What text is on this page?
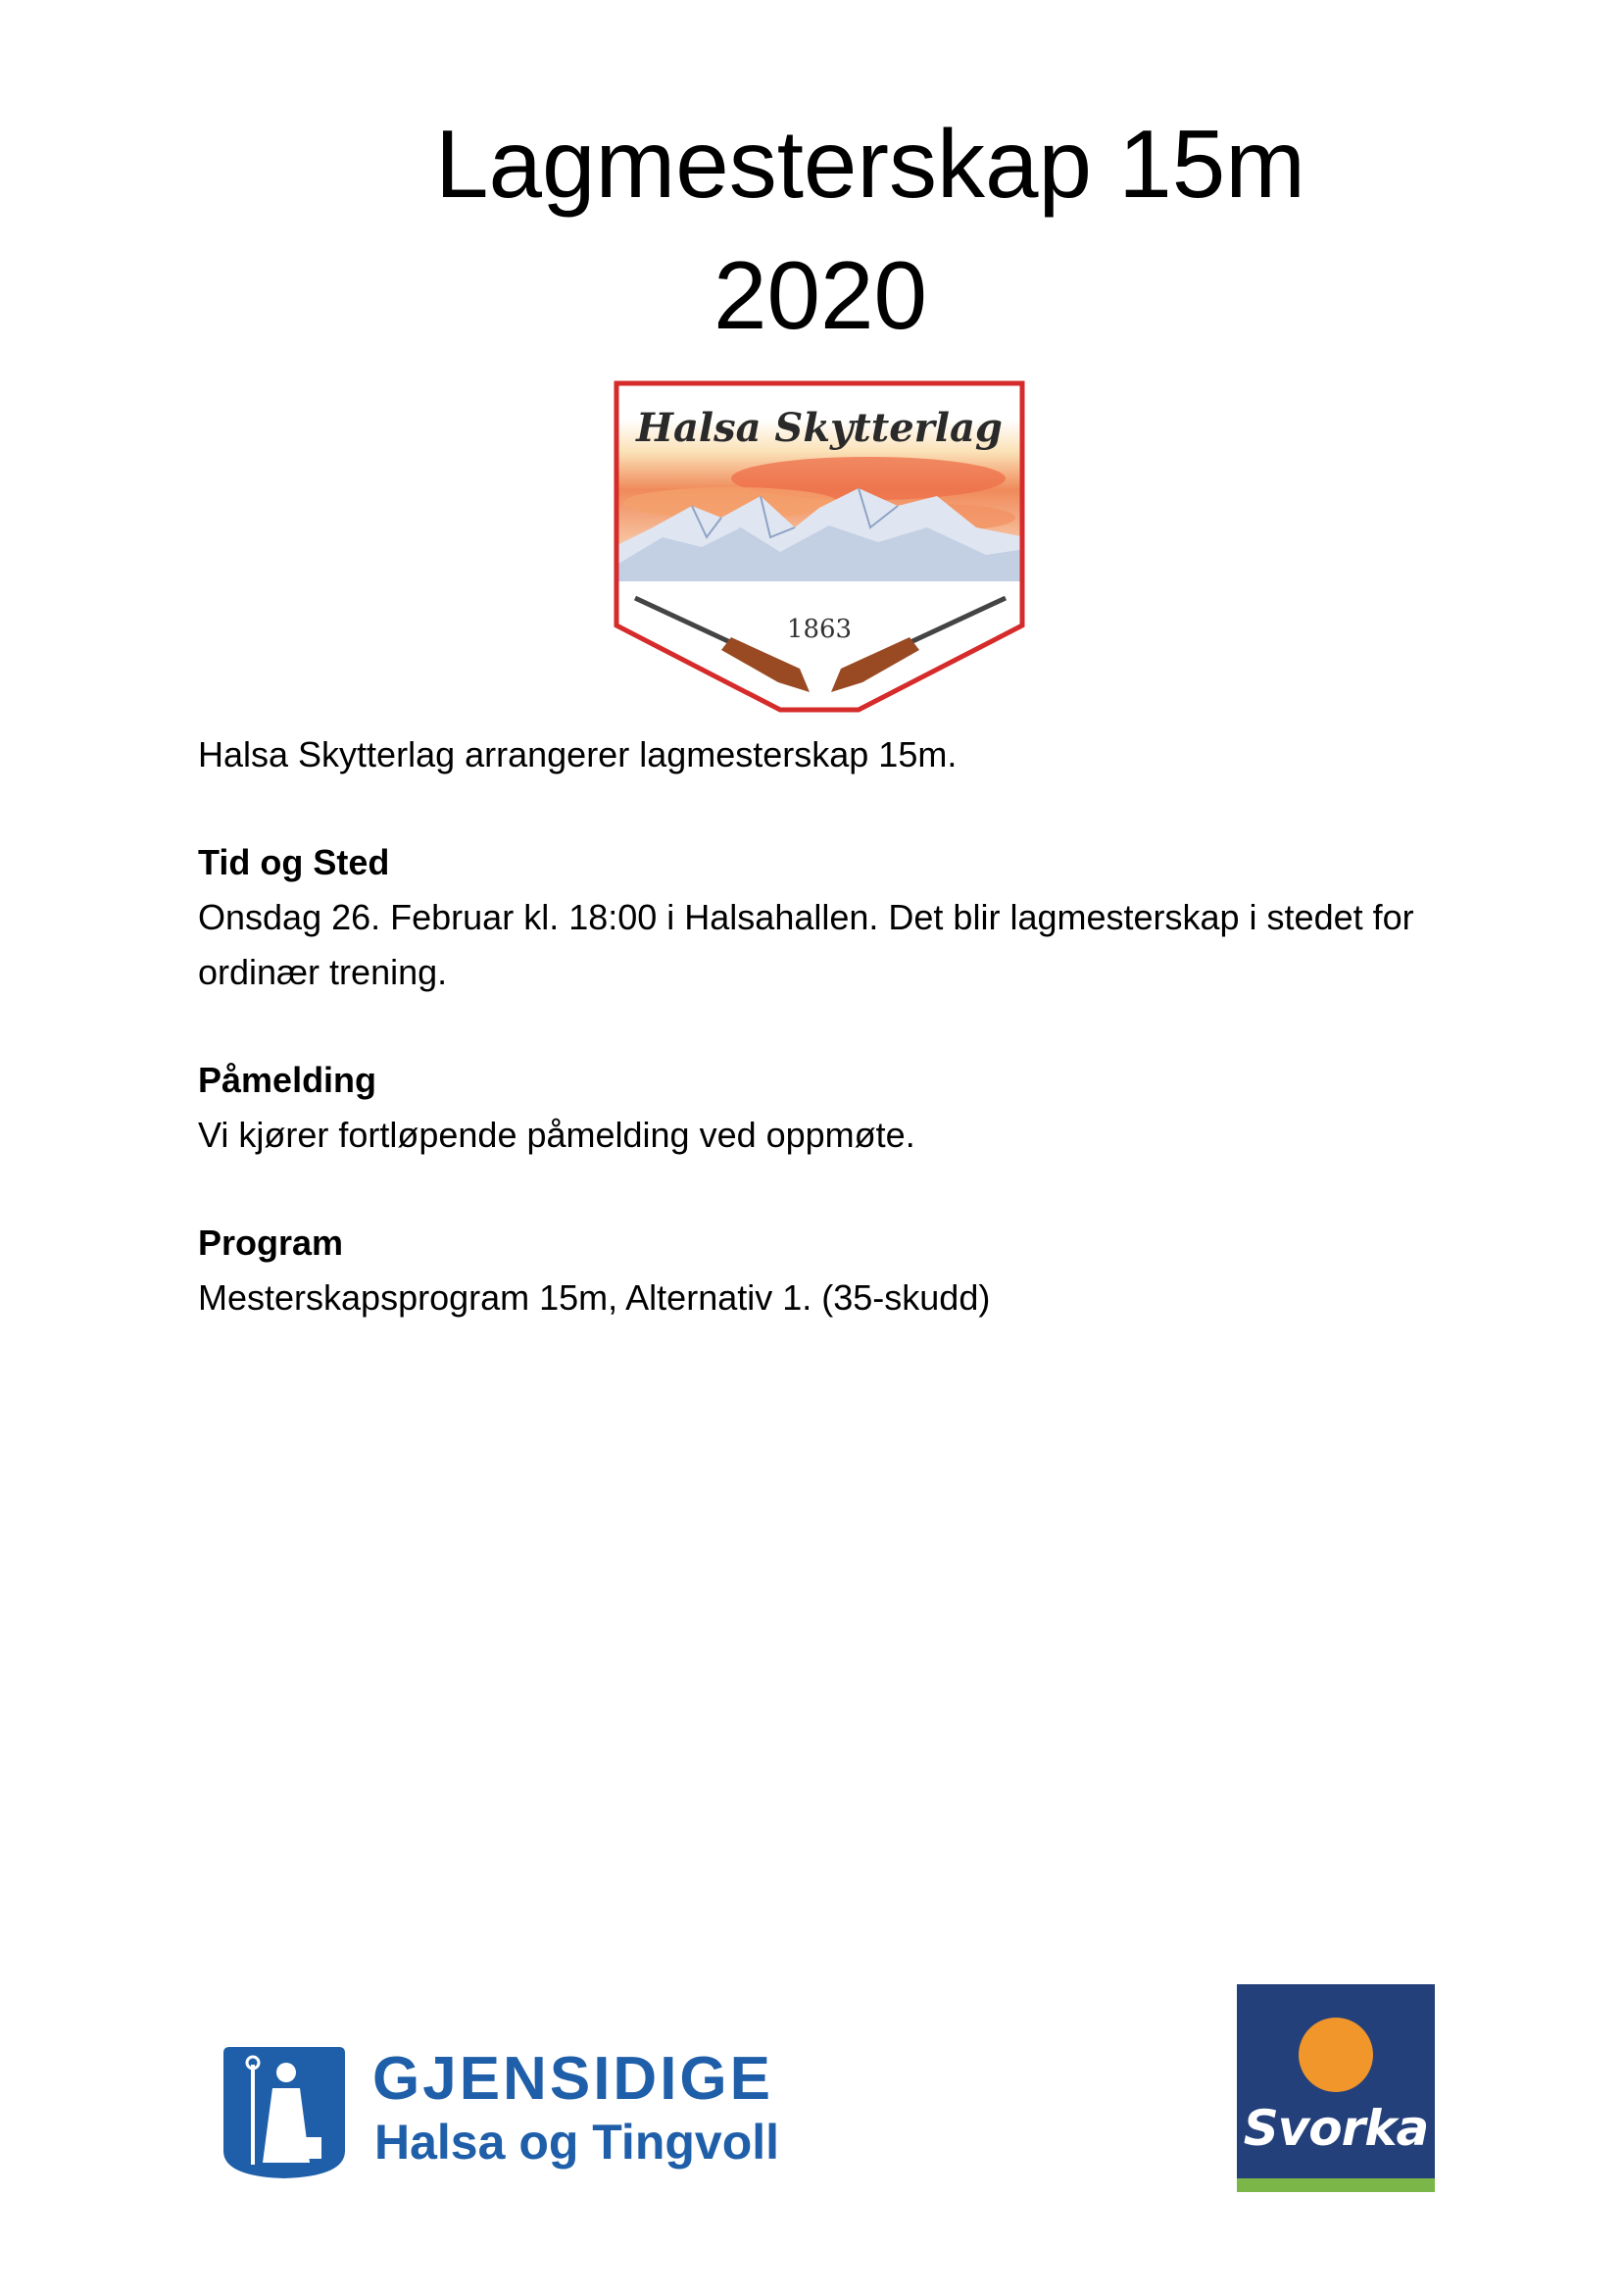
Lagmesterskap 15m
2020
Halsa Skytterlag
1863

Halsa Skytterlag arrangerer lagmesterskap 15m.

Tid og Sted

Onsdag 26. Februar kl. 18:00 i Halsahallen. Det blir lagmesterskap i stedet for ordinær trening.

Påmelding

Vi kjører fortløpende påmelding ved oppmøte.

Program

Mesterskapsprogram 15m, Alternativ 1. (35-skudd)

GJENSIDIGE
Halsa og Tingvoll	Svorka
